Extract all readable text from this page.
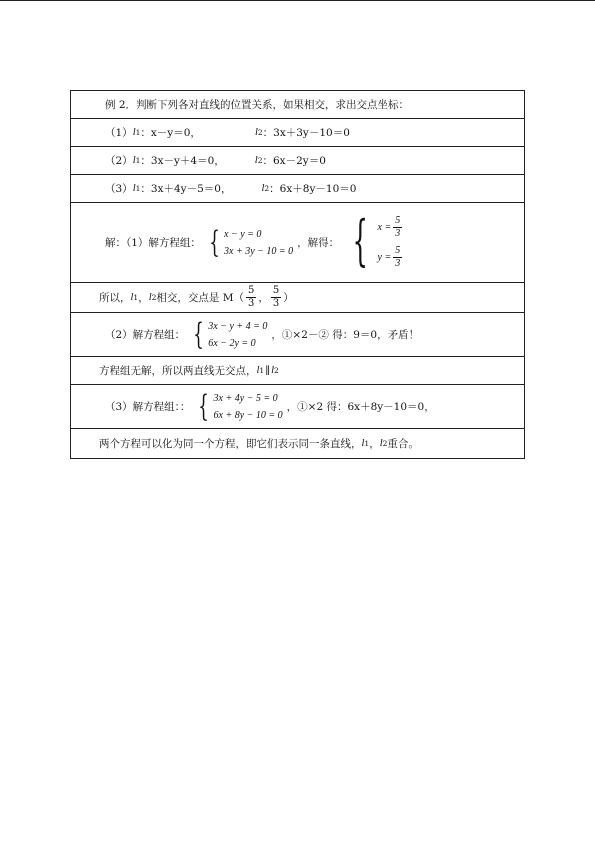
例 2．判断下列各对直线的位置关系，如果相交，求出交点坐标：

（1） l 1 ：x－y＝0，	l 2 ：3x＋3y－10＝0

（2） l 1 ：3x－y＋4＝0，	l 2 ：6x－2y＝0

（3） l 1 ：3x＋4y－5＝0，	l 2 ：6x＋8y－10＝0

解：（1）解方程组： { x − y = 0
3x + 3y − 10 = 0
，解得： { $x = \frac{5}{3}$
$y = \frac{5}{3}$

所以， l 1 ， l 2 相交，交点是 $M( \frac{5}{3}$ ， $\frac{5}{3}$ ）

（2）解方程组： { 3x − y + 4 = 0
6x − 2y = 0
，①×2－② 得：9＝0，矛盾！

方程组无解，所以两直线无交点， l 1 ∥ l 2

（3）解方程组：： { 3x + 4y − 5 = 0
6x + 8y − 10 = 0
，①×2 得：6x＋8y－10＝0，

两个方程可以化为同一个方程，即它们表示同一条直线， l 1 ， l 2 重合。
